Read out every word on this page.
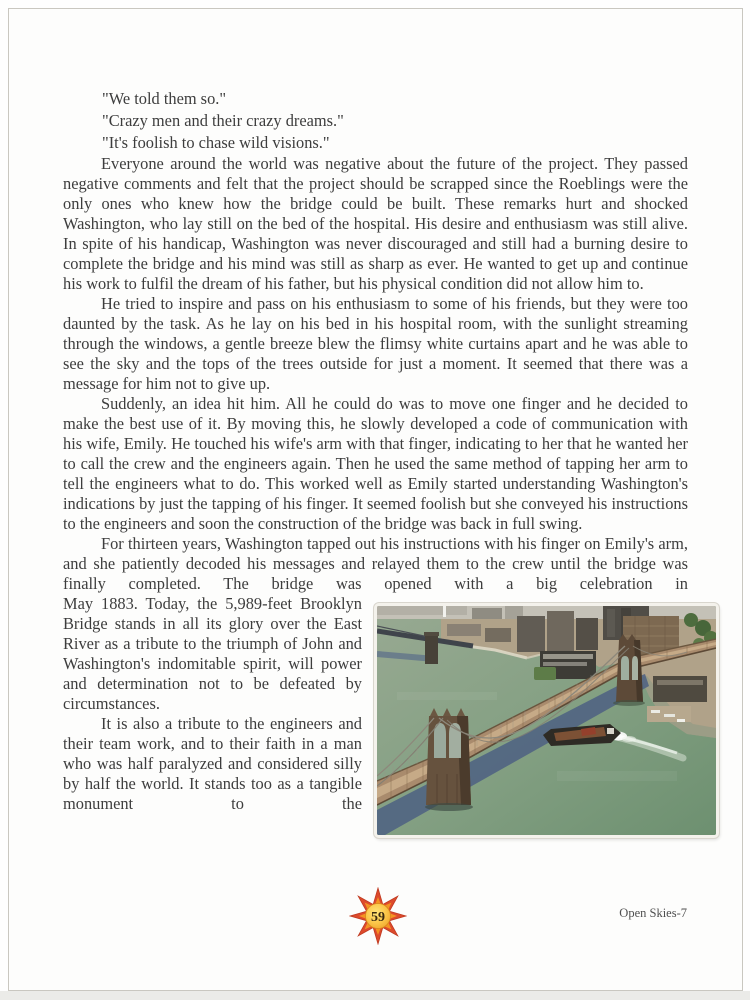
"We told them so."
"Crazy men and their crazy dreams."
"It's foolish to chase wild visions."

Everyone around the world was negative about the future of the project. They passed negative comments and felt that the project should be scrapped since the Roeblings were the only ones who knew how the bridge could be built. These remarks hurt and shocked Washington, who lay still on the bed of the hospital. His desire and enthusiasm was still alive. In spite of his handicap, Washington was never discouraged and still had a burning desire to complete the bridge and his mind was still as sharp as ever. He wanted to get up and continue his work to fulfil the dream of his father, but his physical condition did not allow him to.

He tried to inspire and pass on his enthusiasm to some of his friends, but they were too daunted by the task. As he lay on his bed in his hospital room, with the sunlight streaming through the windows, a gentle breeze blew the flimsy white curtains apart and he was able to see the sky and the tops of the trees outside for just a moment. It seemed that there was a message for him not to give up.

Suddenly, an idea hit him. All he could do was to move one finger and he decided to make the best use of it. By moving this, he slowly developed a code of communication with his wife, Emily. He touched his wife's arm with that finger, indicating to her that he wanted her to call the crew and the engineers again. Then he used the same method of tapping her arm to tell the engineers what to do. This worked well as Emily started understanding Washington's indications by just the tapping of his finger. It seemed foolish but she conveyed his instructions to the engineers and soon the construction of the bridge was back in full swing.

For thirteen years, Washington tapped out his instructions with his finger on Emily's arm, and she patiently decoded his messages and relayed them to the crew until the bridge was finally completed. The bridge was opened with a big celebration in

May 1883. Today, the 5,989-feet Brooklyn Bridge stands in all its glory over the East River as a tribute to the triumph of John and Washington's indomitable spirit, will power and determination not to be defeated by circumstances.

It is also a tribute to the engineers and their team work, and to their faith in a man who was half paralyzed and considered silly by half the world. It stands too as a tangible monument to the

59	Open Skies-7
